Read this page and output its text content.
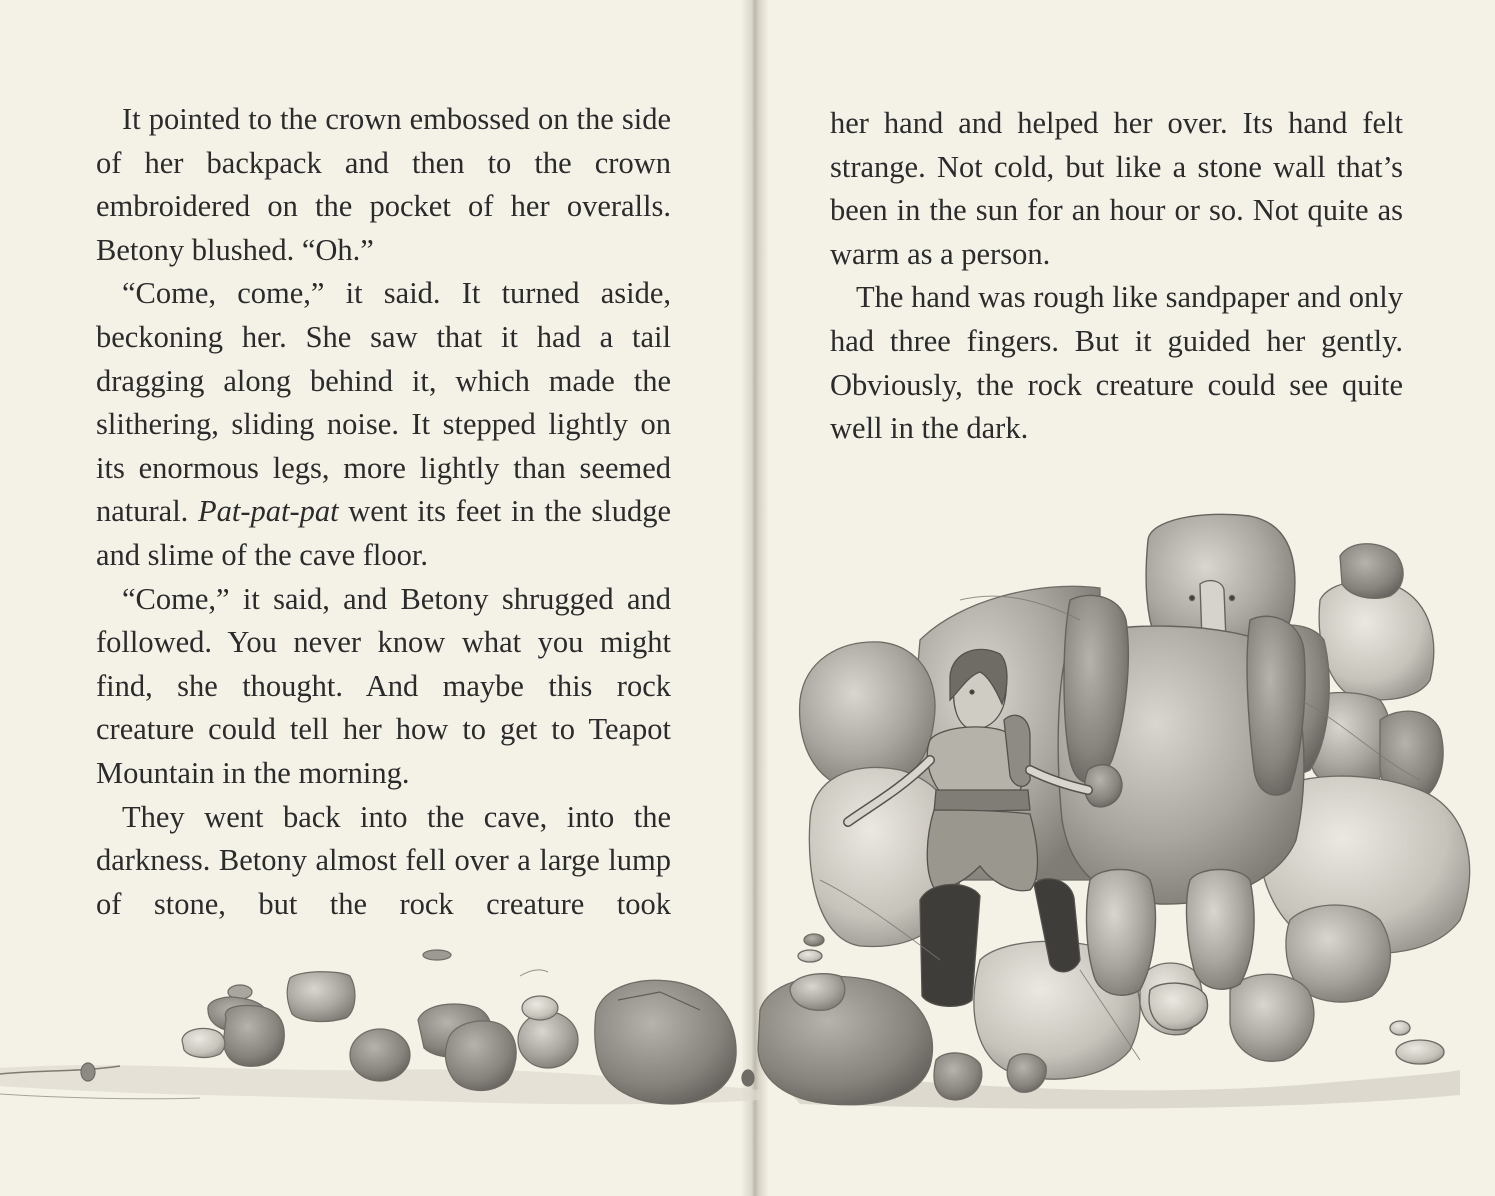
It pointed to the crown embossed on the side of her backpack and then to the crown embroidered on the pocket of her overalls. Betony blushed. “Oh.”

“Come, come,” it said. It turned aside, beckoning her. She saw that it had a tail dragging along behind it, which made the slithering, sliding noise. It stepped lightly on its enormous legs, more lightly than seemed natural. Pat-pat-pat went its feet in the sludge and slime of the cave floor.

“Come,” it said, and Betony shrugged and followed. You never know what you might find, she thought. And maybe this rock creature could tell her how to get to Teapot Mountain in the morning.

They went back into the cave, into the darkness. Betony almost fell over a large lump of stone, but the rock creature took

her hand and helped her over. Its hand felt strange. Not cold, but like a stone wall that’s been in the sun for an hour or so. Not quite as warm as a person.

The hand was rough like sandpaper and only had three fingers. But it guided her gently. Obviously, the rock creature could see quite well in the dark.
